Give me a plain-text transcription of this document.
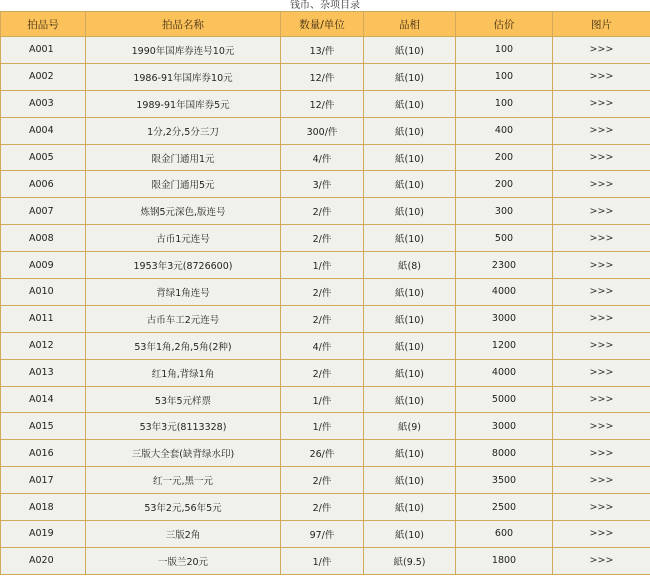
钱币、杂项目录
拍品号	拍品名称	数量/单位	品相	估价	图片
A001	1990年国库券连号10元	13/件	紙(10)	100	>>>
A002	1986-91年国库券10元	12/件	紙(10)	100	>>>
A003	1989-91年国库券5元	12/件	紙(10)	100	>>>
A004	1分,2分,5分三刀	300/件	紙(10)	400	>>>
A005	限金门通用1元	4/件	紙(10)	200	>>>
A006	限金门通用5元	3/件	紙(10)	200	>>>
A007	炼钢5元深色,版连号	2/件	紙(10)	300	>>>
A008	古币1元连号	2/件	紙(10)	500	>>>
A009	1953年3元(8726600)	1/件	紙(8)	2300	>>>
A010	背绿1角连号	2/件	紙(10)	4000	>>>
A011	古币车工2元连号	2/件	紙(10)	3000	>>>
A012	53年1角,2角,5角(2种)	4/件	紙(10)	1200	>>>
A013	红1角,背绿1角	2/件	紙(10)	4000	>>>
A014	53年5元样票	1/件	紙(10)	5000	>>>
A015	53年3元(8113328)	1/件	紙(9)	3000	>>>
A016	三版大全套(缺背绿水印)	26/件	紙(10)	8000	>>>
A017	红一元,黑一元	2/件	紙(10)	3500	>>>
A018	53年2元,56年5元	2/件	紙(10)	2500	>>>
A019	三版2角	97/件	紙(10)	600	>>>
A020	一版兰20元	1/件	紙(9.5)	1800	>>>
